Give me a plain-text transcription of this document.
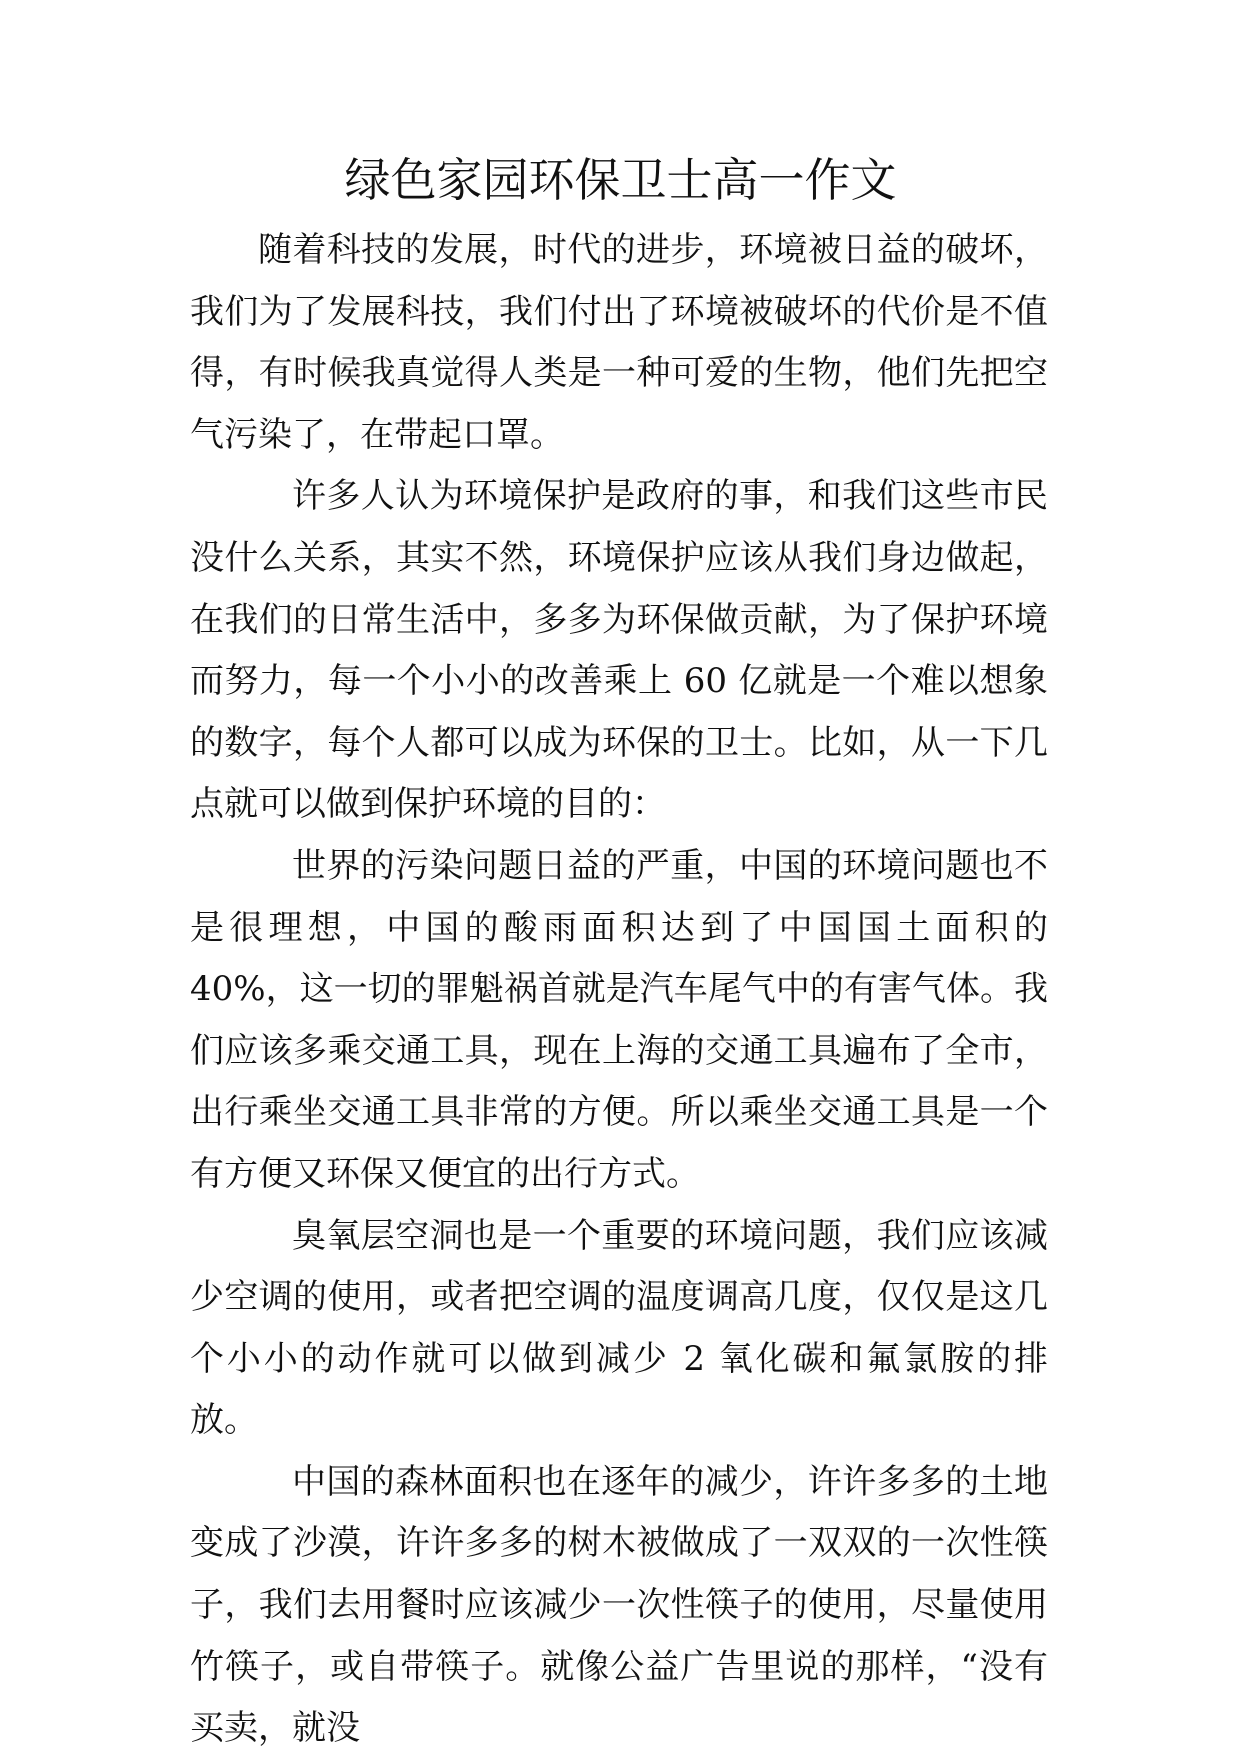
绿色家园环保卫士高一作文

随着科技的发展，时代的进步，环境被日益的破坏，我们为了发展科技，我们付出了环境被破坏的代价是不值得，有时候我真觉得人类是一种可爱的生物，他们先把空气污染了，在带起口罩。

许多人认为环境保护是政府的事，和我们这些市民没什么关系，其实不然，环境保护应该从我们身边做起，在我们的日常生活中，多多为环保做贡献，为了保护环境而努力，每一个小小的改善乘上 60 亿就是一个难以想象的数字，每个人都可以成为环保的卫士。比如，从一下几点就可以做到保护环境的目的：

世界的污染问题日益的严重，中国的环境问题也不是很理想，中国的酸雨面积达到了中国国土面积的 40%，这一切的罪魁祸首就是汽车尾气中的有害气体。我们应该多乘交通工具，现在上海的交通工具遍布了全市，出行乘坐交通工具非常的方便。所以乘坐交通工具是一个有方便又环保又便宜的出行方式。

臭氧层空洞也是一个重要的环境问题，我们应该减少空调的使用，或者把空调的温度调高几度，仅仅是这几个小小的动作就可以做到减少 2 氧化碳和氟氯胺的排放。

中国的森林面积也在逐年的减少，许许多多的土地变成了沙漠，许许多多的树木被做成了一双双的一次性筷子，我们去用餐时应该减少一次性筷子的使用，尽量使用竹筷子，或自带筷子。就像公益广告里说的那样，“没有买卖，就没
